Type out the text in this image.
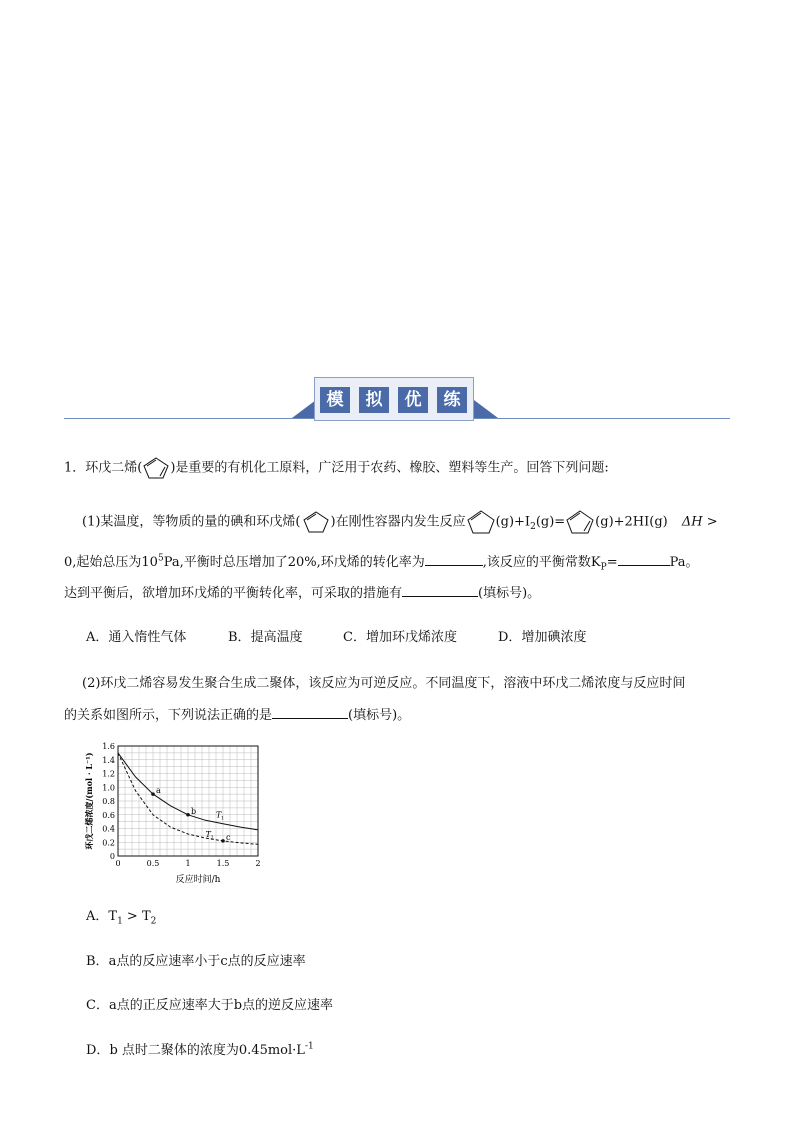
模	拟	优	练
1．环戊二烯( )是重要的有机化工原料，广泛用于农药、橡胶、塑料等生产。回答下列问题:
(1)某温度，等物质的量的碘和环戊烯( )在刚性容器内发生反应 $(g)+I_2(g)= (g)+2HI(g) \Delta H$ >
0,起始总压为$10^5Pa$,平衡时总压增加了20%,环戊烯的转化率为	,该反应的平衡常数$K_P=$	Pa。
达到平衡后，欲增加环戊烯的平衡转化率，可采取的措施有	(填标号)。
A．通入惰性气体	B．提高温度	C．增加环戊烯浓度	D．增加碘浓度
(2)环戊二烯容易发生聚合生成二聚体，该反应为可逆反应。不同温度下，溶液中环戊二烯浓度与反应时间
的关系如图所示，下列说法正确的是	(填标号)。
0	0.5	1	1.5	2
0
0.2
0.4
0.6
0.8
1.0
1.2
1.4
1.6
反应时间/h
环戊二烯浓度/(mol · L⁻¹)	a
b
c
T 1
T 2
A．$T_1 > T_2$
B．a点的反应速率小于c点的反应速率
C．a点的正反应速率大于b点的逆反应速率
D．b 点时二聚体的浓度为$0.45mol\cdot L^{-1}$
